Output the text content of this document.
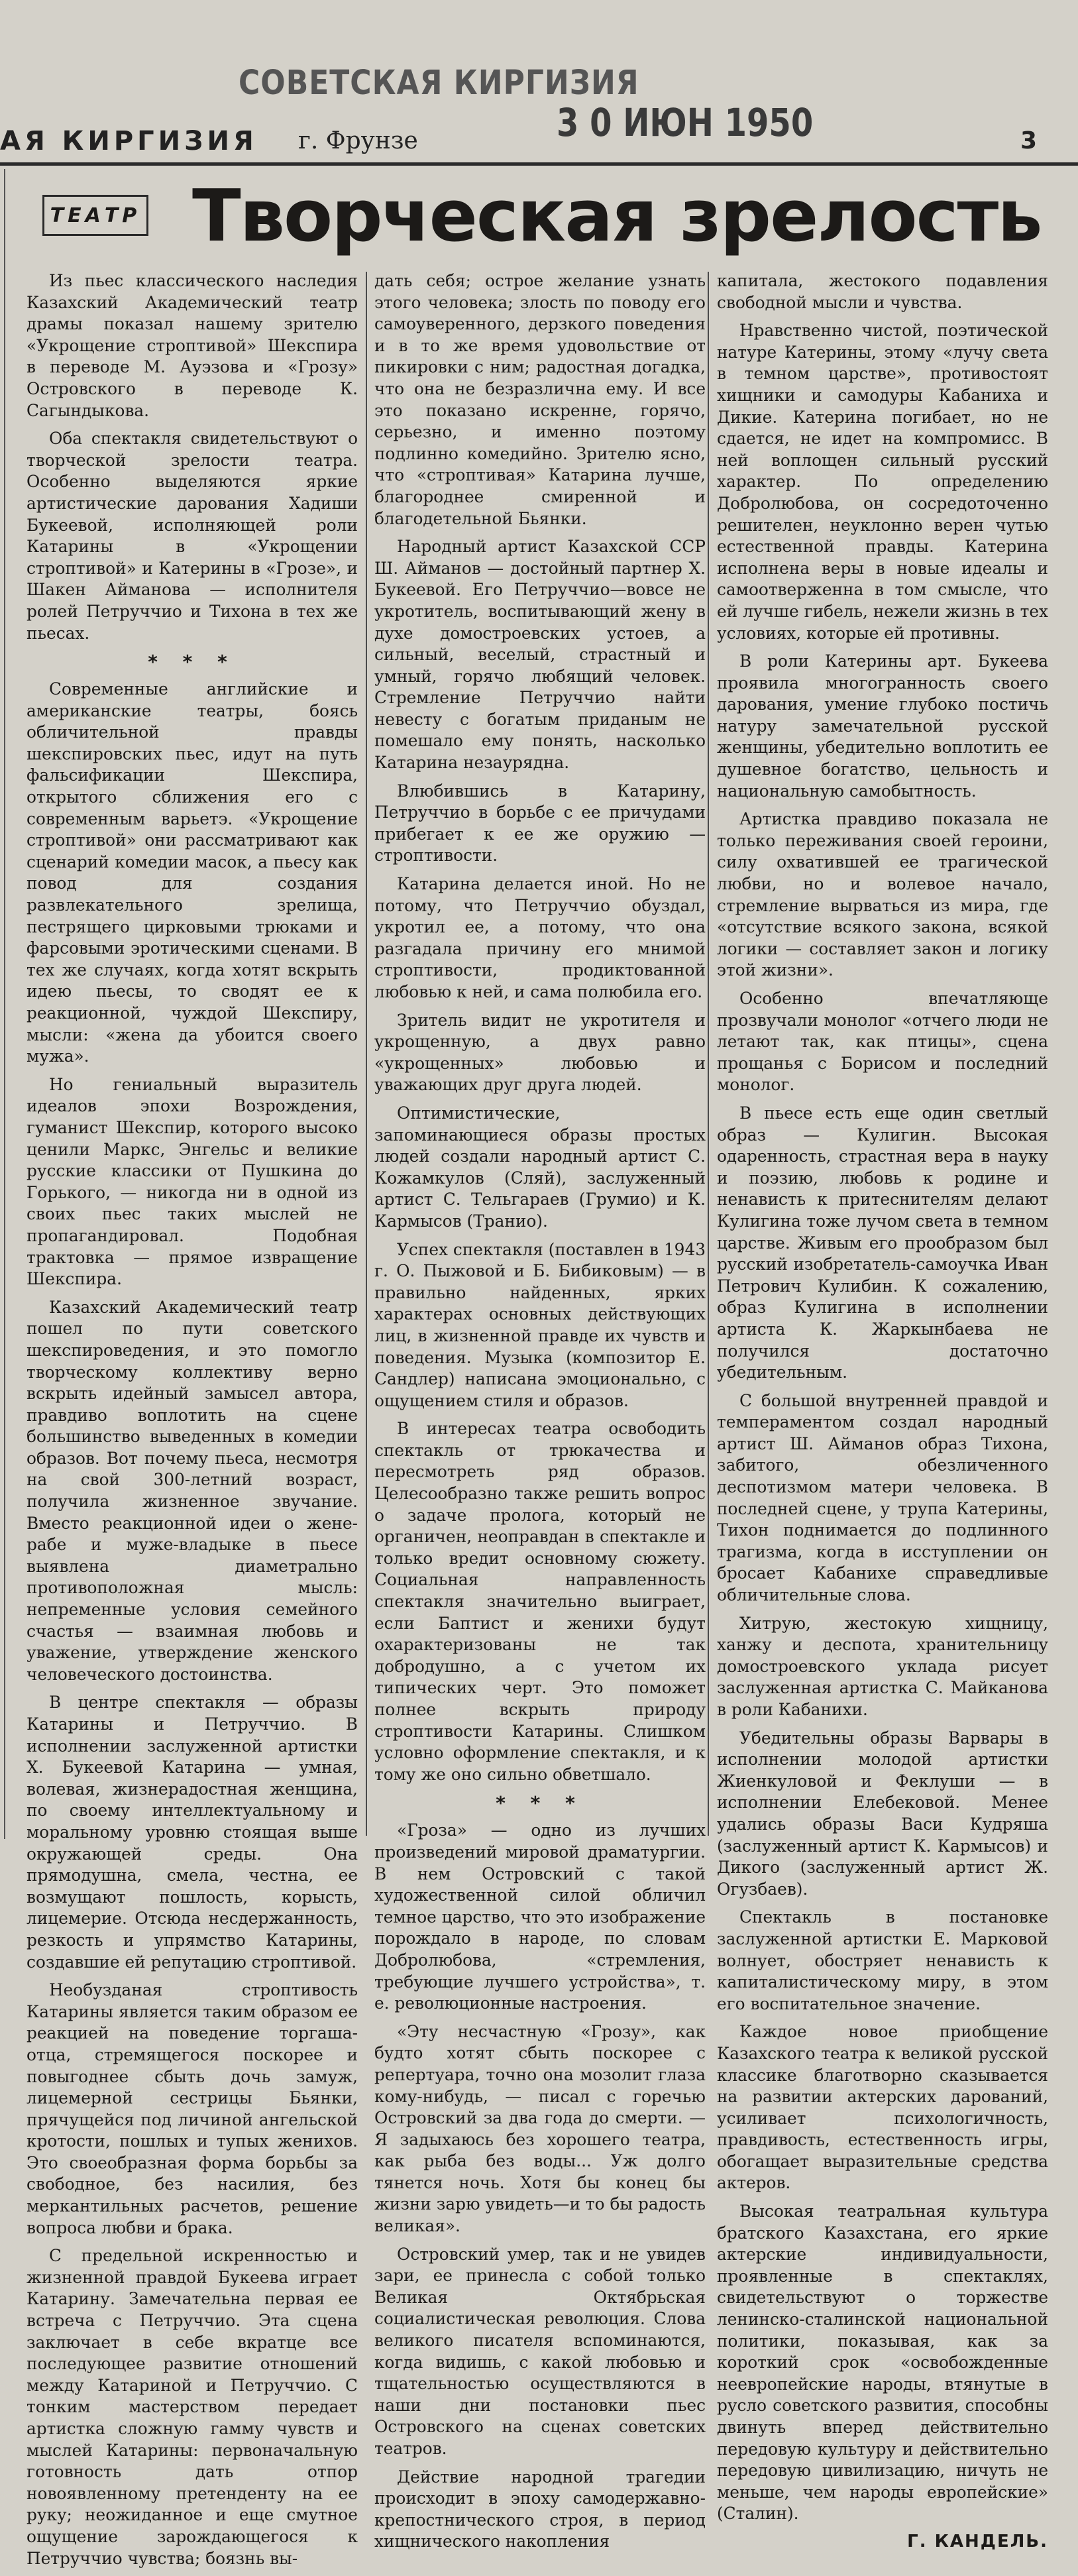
СОВЕТСКАЯ КИРГИЗИЯ
3 0 ИЮН 1950
АЯ КИРГИЗИЯ г. Фрунзе	3
ТЕАТР Творческая зрелость

Из пьес классического наследия Казахский Академический театр драмы показал нашему зрителю «Укрощение строптивой» Шекспира в переводе М. Ауэзова и «Грозу» Островского в переводе К. Сагындыкова.

Оба спектакля свидетельствуют о творческой зрелости театра. Особенно выделяются яркие артистические дарования Хадиши Букеевой, исполняющей роли Катарины в «Укрощении строптивой» и Катерины в «Грозе», и Шакен Айманова — исполнителя ролей Петруччио и Тихона в тех же пьесах.

* * *

Современные английские и американские театры, боясь обличительной правды шекспировских пьес, идут на путь фальсификации Шекспира, открытого сближения его с современным варьетэ. «Укрощение строптивой» они рассматривают как сценарий комедии масок, а пьесу как повод для создания развлекательного зрелища, пестрящего цирковыми трюками и фарсовыми эротическими сценами. В тех же случаях, когда хотят вскрыть идею пьесы, то сводят ее к реакционной, чуждой Шекспиру, мысли: «жена да убоится своего мужа».

Но гениальный выразитель идеалов эпохи Возрождения, гуманист Шекспир, которого высоко ценили Маркс, Энгельс и великие русские классики от Пушкина до Горького, — никогда ни в одной из своих пьес таких мыслей не пропагандировал. Подобная трактовка — прямое извращение Шекспира.

Казахский Академический театр пошел по пути советского шекспироведения, и это помогло творческому коллективу верно вскрыть идейный замысел автора, правдиво воплотить на сцене большинство выведенных в комедии образов. Вот почему пьеса, несмотря на свой 300-летний возраст, получила жизненное звучание. Вместо реакционной идеи о жене-рабе и муже-владыке в пьесе выявлена диаметрально противоположная мысль: непременные условия семейного счастья — взаимная любовь и уважение, утверждение женского человеческого достоинства.

В центре спектакля — образы Катарины и Петруччио. В исполнении заслуженной артистки Х. Букеевой Катарина — умная, волевая, жизнерадостная женщина, по своему интеллектуальному и моральному уровню стоящая выше окружающей среды. Она прямодушна, смела, честна, ее возмущают пошлость, корысть, лицемерие. Отсюда несдержанность, резкость и упрямство Катарины, создавшие ей репутацию строптивой.

Необузданая строптивость Катарины является таким образом ее реакцией на поведение торгаша-отца, стремящегося поскорее и повыгоднее сбыть дочь замуж, лицемерной сестрицы Бьянки, прячущейся под личиной ангельской кротости, пошлых и тупых женихов. Это своеобразная форма борьбы за свободное, без насилия, без меркантильных расчетов, решение вопроса любви и брака.

С предельной искренностью и жизненной правдой Букеева играет Катарину. Замечательна первая ее встреча с Петруччио. Эта сцена заключает в себе вкратце все последующее развитие отношений между Катариной и Петруччио. С тонким мастерством передает артистка сложную гамму чувств и мыслей Катарины: первоначальную готовность дать отпор новоявленному претенденту на ее руку; неожиданное и еще смутное ощущение зарождающегося к Петруччио чувства; боязнь вы-

дать себя; острое желание узнать этого человека; злость по поводу его самоуверенного, дерзкого поведения и в то же время удовольствие от пикировки с ним; радостная догадка, что она не безразлична ему. И все это показано искренне, горячо, серьезно, и именно поэтому подлинно комедийно. Зрителю ясно, что «строптивая» Катарина лучше, благороднее смиренной и благодетельной Бьянки.

Народный артист Казахской ССР Ш. Айманов — достойный партнер Х. Букеевой. Его Петруччио—вовсе не укротитель, воспитывающий жену в духе домостроевских устоев, а сильный, веселый, страстный и умный, горячо любящий человек. Стремление Петруччио найти невесту с богатым приданым не помешало ему понять, насколько Катарина незаурядна.

Влюбившись в Катарину, Петруччио в борьбе с ее причудами прибегает к ее же оружию — строптивости.

Катарина делается иной. Но не потому, что Петруччио обуздал, укротил ее, а потому, что она разгадала причину его мнимой строптивости, продиктованной любовью к ней, и сама полюбила его.

Зритель видит не укротителя и укрощенную, а двух равно «укрощенных» любовью и уважающих друг друга людей.

Оптимистические, запоминающиеся образы простых людей создали народный артист С. Кожамкулов (Сляй), заслуженный артист С. Тельгараев (Грумио) и К. Кармысов (Транио).

Успех спектакля (поставлен в 1943 г. О. Пыжовой и Б. Бибиковым) — в правильно найденных, ярких характерах основных действующих лиц, в жизненной правде их чувств и поведения. Музыка (композитор Е. Сандлер) написана эмоционально, с ощущением стиля и образов.

В интересах театра освободить спектакль от трюкачества и пересмотреть ряд образов. Целесообразно также решить вопрос о задаче пролога, который не органичен, неоправдан в спектакле и только вредит основному сюжету. Социальная направленность спектакля значительно выиграет, если Баптист и женихи будут охарактеризованы не так добродушно, а с учетом их типических черт. Это поможет полнее вскрыть природу строптивости Катарины. Слишком условно оформление спектакля, и к тому же оно сильно обветшало.

* * *

«Гроза» — одно из лучших произведений мировой драматургии. В нем Островский с такой художественной силой обличил темное царство, что это изображение порождало в народе, по словам Добролюбова, «стремления, требующие лучшего устройства», т. е. революционные настроения.

«Эту несчастную «Грозу», как будто хотят сбыть поскорее с репертуара, точно она мозолит глаза кому-нибудь, — писал с горечью Островский за два года до смерти. — Я задыхаюсь без хорошего театра, как рыба без воды... Уж долго тянется ночь. Хотя бы конец бы жизни зарю увидеть—и то бы радость великая».

Островский умер, так и не увидев зари, ее принесла с собой только Великая Октябрьская социалистическая революция. Слова великого писателя вспоминаются, когда видишь, с какой любовью и тщательностью осуществляются в наши дни постановки пьес Островского на сценах советских театров.

Действие народной трагедии происходит в эпоху самодержавно-крепостнического строя, в период хищнического накопления

капитала, жестокого подавления свободной мысли и чувства.

Нравственно чистой, поэтической натуре Катерины, этому «лучу света в темном царстве», противостоят хищники и самодуры Кабаниха и Дикие. Катерина погибает, но не сдается, не идет на компромисс. В ней воплощен сильный русский характер. По определению Добролюбова, он сосредоточенно решителен, неуклонно верен чутью естественной правды. Катерина исполнена веры в новые идеалы и самоотверженна в том смысле, что ей лучше гибель, нежели жизнь в тех условиях, которые ей противны.

В роли Катерины арт. Букеева проявила многогранность своего дарования, умение глубоко постичь натуру замечательной русской женщины, убедительно воплотить ее душевное богатство, цельность и национальную самобытность.

Артистка правдиво показала не только переживания своей героини, силу охватившей ее трагической любви, но и волевое начало, стремление вырваться из мира, где «отсутствие всякого закона, всякой логики — составляет закон и логику этой жизни».

Особенно впечатляюще прозвучали монолог «отчего люди не летают так, как птицы», сцена прощанья с Борисом и последний монолог.

В пьесе есть еще один светлый образ — Кулигин. Высокая одаренность, страстная вера в науку и поэзию, любовь к родине и ненависть к притеснителям делают Кулигина тоже лучом света в темном царстве. Живым его прообразом был русский изобретатель-самоучка Иван Петрович Кулибин. К сожалению, образ Кулигина в исполнении артиста К. Жаркынбаева не получился достаточно убедительным.

С большой внутренней правдой и темпераментом создал народный артист Ш. Айманов образ Тихона, забитого, обезличенного деспотизмом матери человека. В последней сцене, у трупа Катерины, Тихон поднимается до подлинного трагизма, когда в исступлении он бросает Кабанихе справедливые обличительные слова.

Хитрую, жестокую хищницу, ханжу и деспота, хранительницу домостроевского уклада рисует заслуженная артистка С. Майканова в роли Кабанихи.

Убедительны образы Варвары в исполнении молодой артистки Жиенкуловой и Феклуши — в исполнении Елебековой. Менее удались образы Васи Кудряша (заслуженный артист К. Кармысов) и Дикого (заслуженный артист Ж. Огузбаев).

Спектакль в постановке заслуженной артистки Е. Марковой волнует, обостряет ненависть к капиталистическому миру, в этом его воспитательное значение.

Каждое новое приобщение Казахского театра к великой русской классике благотворно сказывается на развитии актерских дарований, усиливает психологичность, правдивость, естественность игры, обогащает выразительные средства актеров.

Высокая театральная культура братского Казахстана, его яркие актерские индивидуальности, проявленные в спектаклях, свидетельствуют о торжестве ленинско-сталинской национальной политики, показывая, как за короткий срок «освобожденные неевропейские народы, втянутые в русло советского развития, способны двинуть вперед действительно передовую культуру и действительно передовую цивилизацию, ничуть не меньше, чем народы европейские» (Сталин).

Г. КАНДЕЛЬ.
